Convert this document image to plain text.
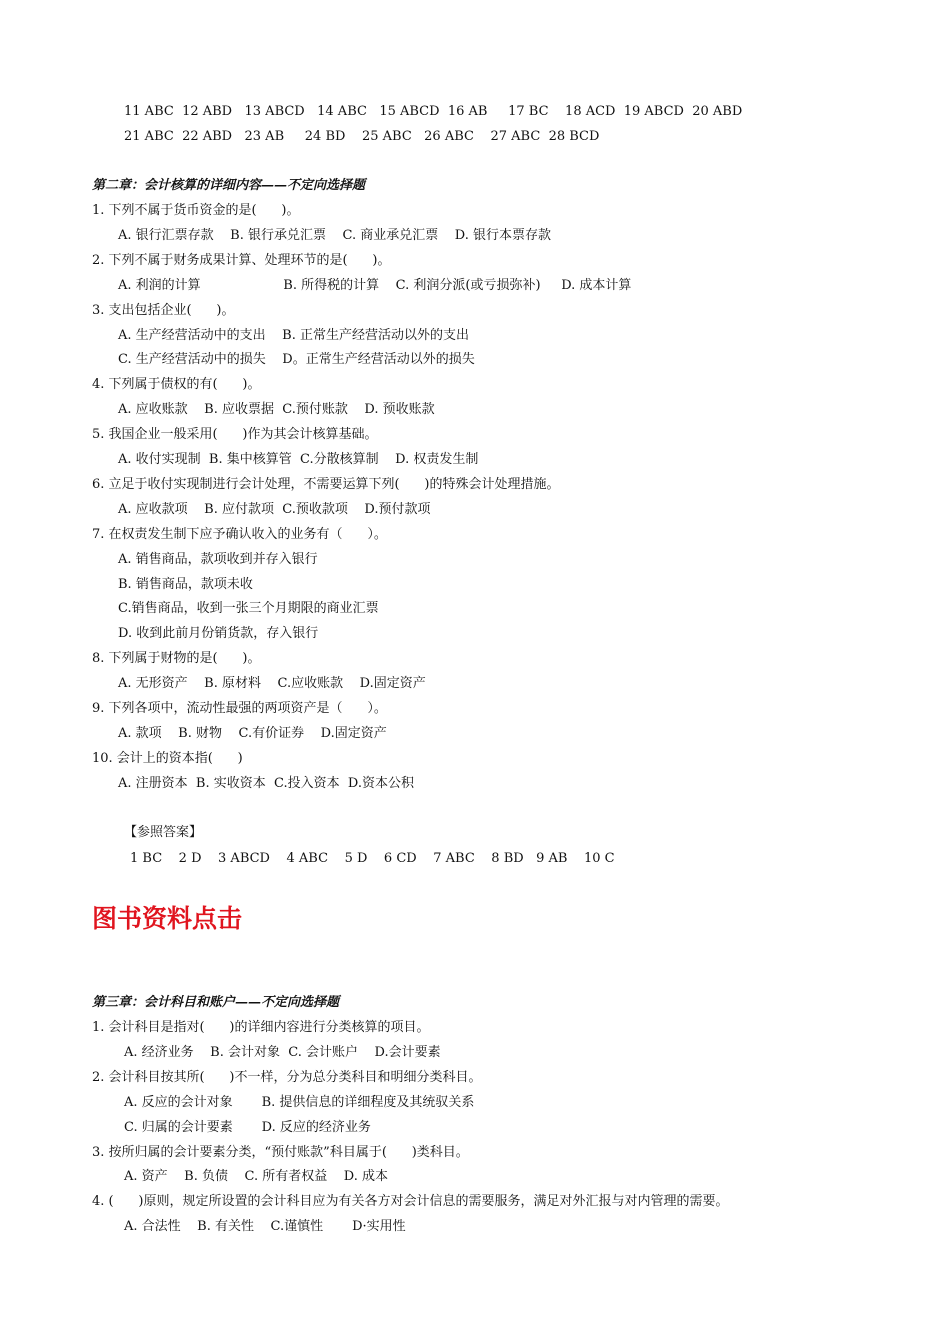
11 ABC  12 ABD   13 ABCD   14 ABC   15 ABCD  16 AB     17 BC    18 ACD  19 ABCD  20 ABD
21 ABC  22 ABD   23 AB     24 BD    25 ABC   26 ABC    27 ABC  28 BCD
第二章：会计核算的详细内容——不定向选择题
1. 下列不属于货币资金的是(      )。
A. 银行汇票存款    B. 银行承兑汇票    C. 商业承兑汇票    D. 银行本票存款
2. 下列不属于财务成果计算、处理环节的是(      )。
A. 利润的计算                    B. 所得税的计算    C. 利润分派(或亏损弥补)     D. 成本计算
3. 支出包括企业(      )。
A. 生产经营活动中的支出    B. 正常生产经营活动以外的支出
C. 生产经营活动中的损失    D。正常生产经营活动以外的损失
4. 下列属于债权的有(      )。
A. 应收账款    B. 应收票据  C.预付账款    D. 预收账款
5. 我国企业一般采用(      )作为其会计核算基础。
A. 收付实现制  B. 集中核算管  C.分散核算制    D. 权责发生制
6. 立足于收付实现制进行会计处理，不需要运算下列(      )的特殊会计处理措施。
A. 应收款项    B. 应付款项  C.预收款项    D.预付款项
7. 在权责发生制下应予确认收入的业务有（      ）。
A. 销售商品，款项收到并存入银行
B. 销售商品，款项未收
C.销售商品，收到一张三个月期限的商业汇票
D. 收到此前月份销货款，存入银行
8. 下列属于财物的是(      )。
A. 无形资产    B. 原材料    C.应收账款    D.固定资产
9. 下列各项中，流动性最强的两项资产是（      ）。
A. 款项    B. 财物    C.有价证券    D.固定资产
10. 会计上的资本指(      )
A. 注册资本  B. 实收资本  C.投入资本  D.资本公积
【参照答案】
1 BC    2 D    3 ABCD    4 ABC    5 D    6 CD    7 ABC    8 BD   9 AB    10 C
图书资料点击
第三章：会计科目和账户——不定向选择题
1. 会计科目是指对(      )的详细内容进行分类核算的项目。
A. 经济业务    B. 会计对象  C. 会计账户    D.会计要素
2. 会计科目按其所(      )不一样，分为总分类科目和明细分类科目。
A. 反应的会计对象       B. 提供信息的详细程度及其统驭关系
C. 归属的会计要素       D. 反应的经济业务
3. 按所归属的会计要素分类，“预付账款”科目属于(      )类科目。
A. 资产    B. 负债    C. 所有者权益    D. 成本
4. (      )原则，规定所设置的会计科目应为有关各方对会计信息的需要服务，满足对外汇报与对内管理的需要。
A. 合法性    B. 有关性    C.谨慎性       D·实用性
